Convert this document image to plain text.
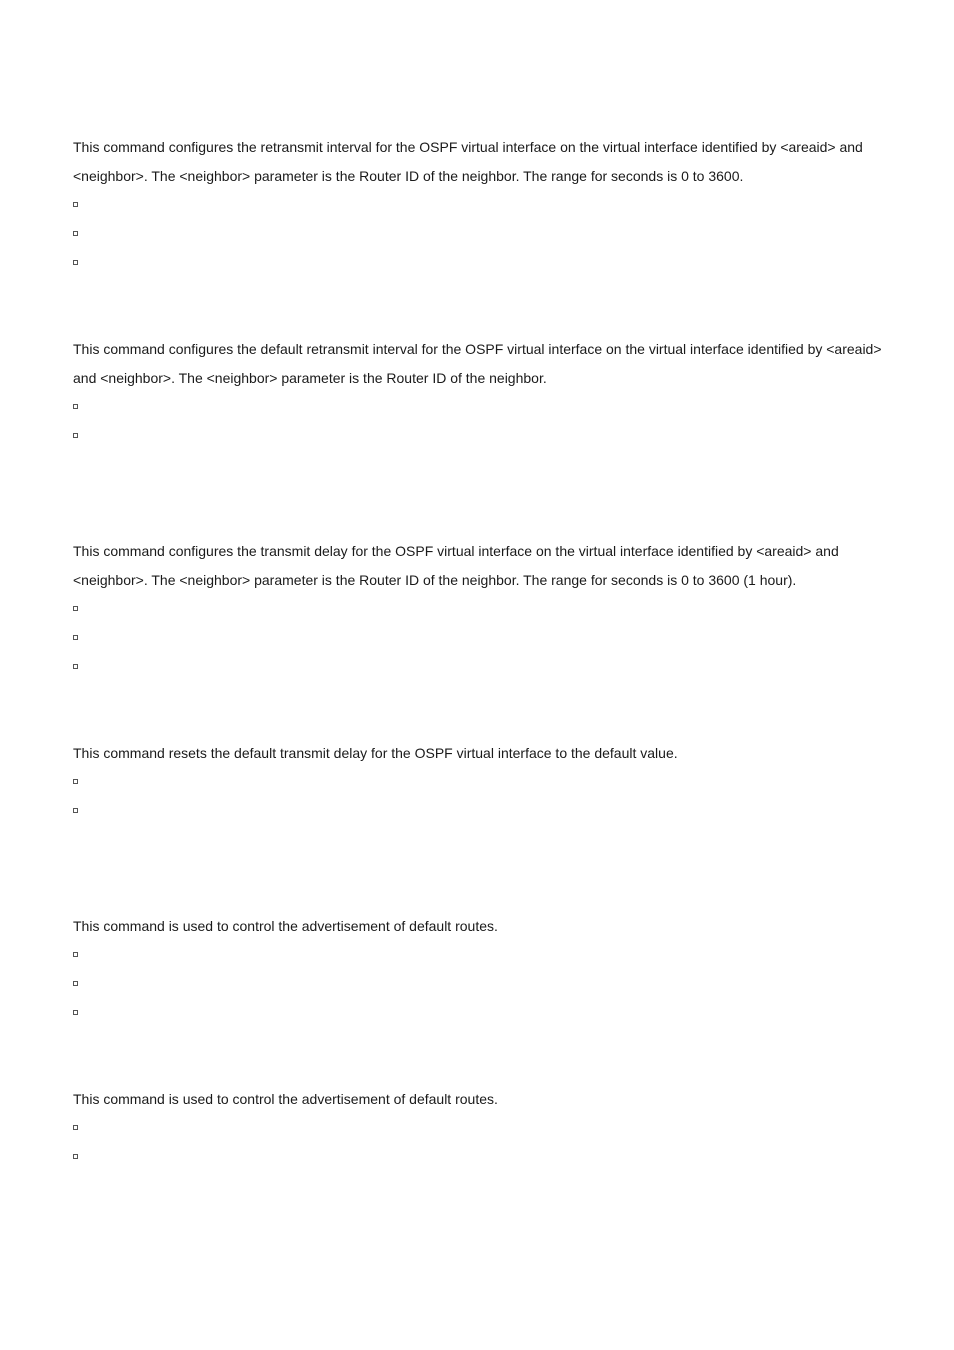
This command configures the retransmit interval for the OSPF virtual interface on the virtual interface identified by <areaid> and <neighbor>. The <neighbor> parameter is the Router ID of the neighbor. The range for seconds is 0 to 3600.

This command configures the default retransmit interval for the OSPF virtual interface on the virtual interface identified by <areaid> and <neighbor>. The <neighbor> parameter is the Router ID of the neighbor.

This command configures the transmit delay for the OSPF virtual interface on the virtual interface identified by <areaid> and <neighbor>. The <neighbor> parameter is the Router ID of the neighbor. The range for seconds is 0 to 3600 (1 hour).

This command resets the default transmit delay for the OSPF virtual interface to the default value.

This command is used to control the advertisement of default routes.

This command is used to control the advertisement of default routes.
